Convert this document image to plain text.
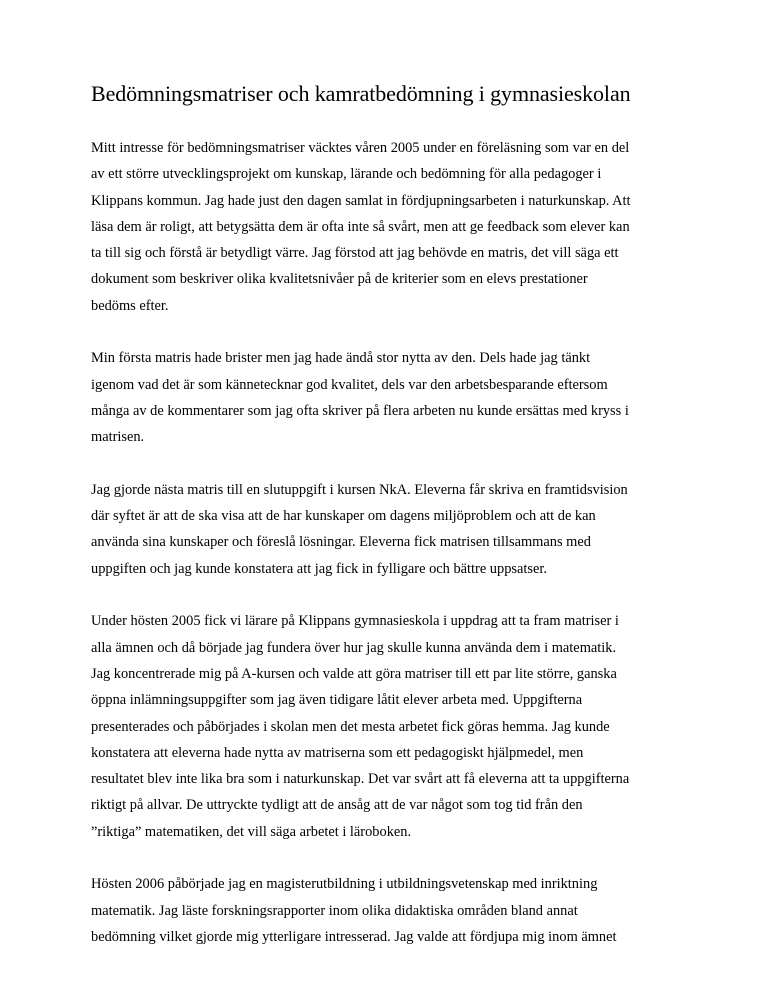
Bedömningsmatriser och kamratbedömning i gymnasieskolan
Mitt intresse för bedömningsmatriser väcktes våren 2005 under en föreläsning som var en del
av ett större utvecklingsprojekt om kunskap, lärande och bedömning för alla pedagoger i
Klippans kommun. Jag hade just den dagen samlat in fördjupningsarbeten i naturkunskap. Att
läsa dem är roligt, att betygsätta dem är ofta inte så svårt, men att ge feedback som elever kan
ta till sig och förstå är betydligt värre. Jag förstod att jag behövde en matris, det vill säga ett
dokument som beskriver olika kvalitetsnivåer på de kriterier som en elevs prestationer
bedöms efter.
Min första matris hade brister men jag hade ändå stor nytta av den. Dels hade jag tänkt
igenom vad det är som kännetecknar god kvalitet, dels var den arbetsbesparande eftersom
många av de kommentarer som jag ofta skriver på flera arbeten nu kunde ersättas med kryss i
matrisen.
Jag gjorde nästa matris till en slutuppgift i kursen NkA. Eleverna får skriva en framtidsvision
där syftet är att de ska visa att de har kunskaper om dagens miljöproblem och att de kan
använda sina kunskaper och föreslå lösningar. Eleverna fick matrisen tillsammans med
uppgiften och jag kunde konstatera att jag fick in fylligare och bättre uppsatser.
Under hösten 2005 fick vi lärare på Klippans gymnasieskola i uppdrag att ta fram matriser i
alla ämnen och då började jag fundera över hur jag skulle kunna använda dem i matematik.
Jag koncentrerade mig på A-kursen och valde att göra matriser till ett par lite större, ganska
öppna inlämningsuppgifter som jag även tidigare låtit elever arbeta med. Uppgifterna
presenterades och påbörjades i skolan men det mesta arbetet fick göras hemma. Jag kunde
konstatera att eleverna hade nytta av matriserna som ett pedagogiskt hjälpmedel, men
resultatet blev inte lika bra som i naturkunskap. Det var svårt att få eleverna att ta uppgifterna
riktigt på allvar. De uttryckte tydligt att de ansåg att de var något som tog tid från den
”riktiga” matematiken, det vill säga arbetet i läroboken.
Hösten 2006 påbörjade jag en magisterutbildning i utbildningsvetenskap med inriktning
matematik. Jag läste forskningsrapporter inom olika didaktiska områden bland annat
bedömning vilket gjorde mig ytterligare intresserad. Jag valde att fördjupa mig inom ämnet
